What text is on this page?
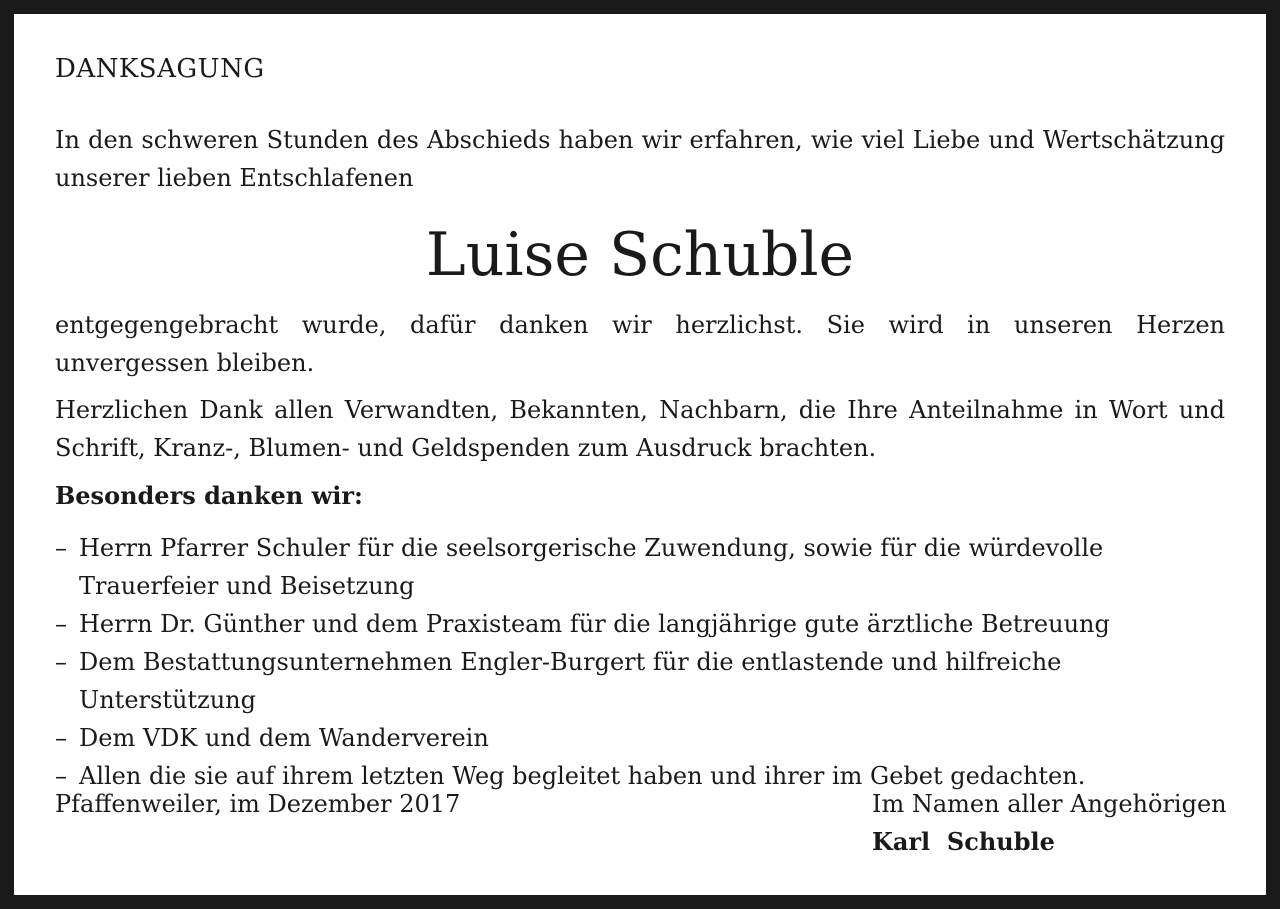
DANKSAGUNG

In den schweren Stunden des Abschieds haben wir erfahren, wie viel Liebe und Wertschätzung unserer lieben Entschlafenen

Luise Schuble

entgegengebracht wurde, dafür danken wir herzlichst. Sie wird in unseren Herzen unvergessen bleiben.

Herzlichen Dank allen Verwandten, Bekannten, Nachbarn, die Ihre Anteilnahme in Wort und Schrift, Kranz-, Blumen- und Geldspenden zum Ausdruck brachten.

Besonders danken wir:

– Herrn Pfarrer Schuler für die seelsorgerische Zuwendung, sowie für die würdevolle Trauerfeier und Beisetzung
– Herrn Dr. Günther und dem Praxisteam für die langjährige gute ärztliche Betreuung
– Dem Bestattungsunternehmen Engler-Burgert für die entlastende und hilfreiche Unterstützung
– Dem VDK und dem Wanderverein
– Allen die sie auf ihrem letzten Weg begleitet haben und ihrer im Gebet gedachten.

Pfaffenweiler, im Dezember 2017	Im Namen aller Angehörigen

Karl  Schuble
